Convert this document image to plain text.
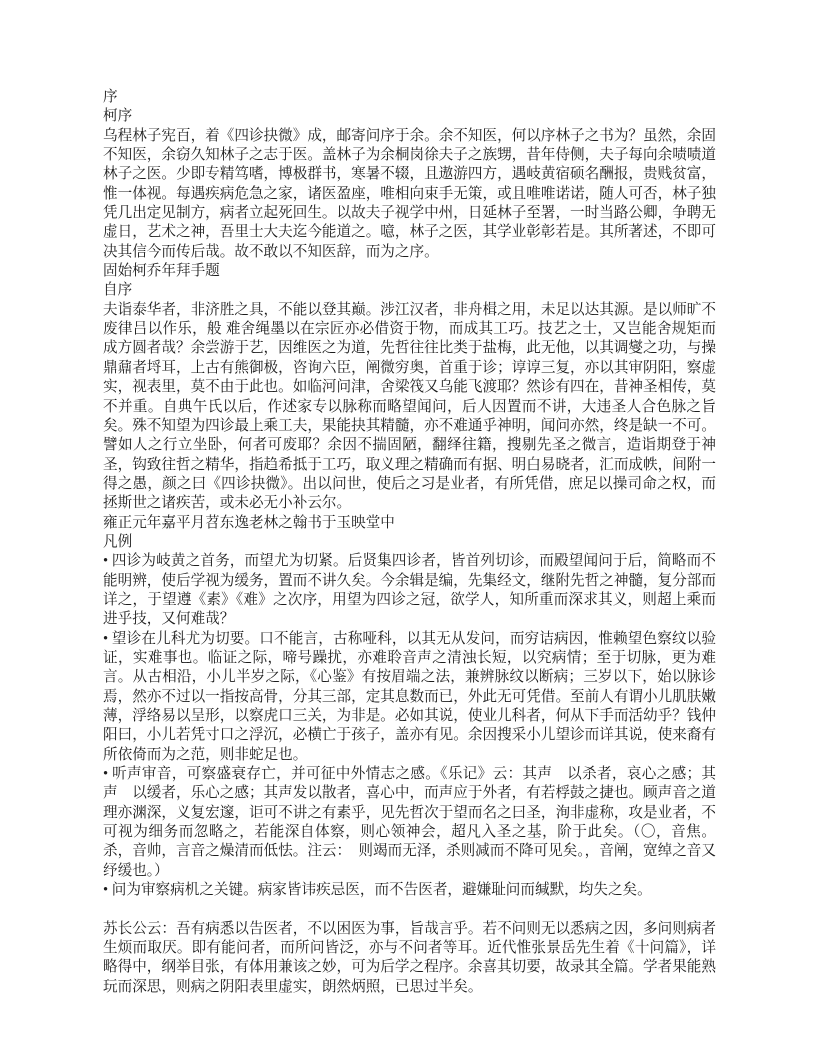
序

柯序

乌程林子宪百，着《四诊抉微》成，邮寄问序于余。余不知医，何以序林子之书为？虽然，余固不知医，余窃久知林子之志于医。盖林子为余桐岗徐夫子之族甥，昔年侍侧，夫子每向余啧啧道林子之医。少即专精笃嗜，博极群书，寒暑不辍，且遨游四方，遇岐黄宿硕名酬报，贵贱贫富，惟一体视。每遇疾病危急之家，诸医盈座，唯相向束手无策，或且唯唯诺诺，随人可否，林子独凭几出定见制方，病者立起死回生。以故夫子视学中州，日延林子至署，一时当路公卿，争聘无虚日，艺术之神，吾里士大夫迄今能道之。噫，林子之医，其学业彰彰若是。其所著述，不即可决其信今而传后哉。故不敢以不知医辞，而为之序。

固始柯乔年拜手题

自序

夫诣泰华者，非济胜之具，不能以登其巅。涉江汉者，非舟楫之用，未足以达其源。是以师旷不废律吕以作乐，般 难舍绳墨以在宗匠亦必借资于物，而成其工巧。技艺之士，又岂能舍规矩而成方圆者哉？余尝游于艺，因维医之为道，先哲往往比类于盐梅，此无他，以其调燮之功，与操鼎鼐者埒耳，上古有熊御极，咨询六臣，阐微穷奥，首重于诊；谆谆三复，亦以其审阴阳，察虚实，视表里，莫不由于此也。如临河问津，舍梁筏又乌能飞渡耶？然诊有四在，昔神圣相传，莫不并重。自典午氏以后，作述家专以脉称而略望闻问，后人因置而不讲，大违圣人合色脉之旨矣。殊不知望为四诊最上乘工夫，果能抉其精髓，亦不难通乎神明，闻问亦然，终是缺一不可。譬如人之行立坐卧，何者可废耶？余因不揣固陋，翻绎往籍，搜剔先圣之微言，造诣期登于神圣，钩致往哲之精华，指趋希抵于工巧，取义理之精确而有据、明白易晓者，汇而成帙，间附一得之愚，颜之曰《四诊抉微》。出以问世，使后之习是业者，有所凭借，庶足以操司命之权，而拯斯世之诸疾苦，或未必无小补云尔。

雍正元年嘉平月苕东逸老林之翰书于玉映堂中

凡例

• 四诊为岐黄之首务，而望尤为切紧。后贤集四诊者，皆首列切诊，而殿望闻问于后，简略而不能明辨，使后学视为缓务，置而不讲久矣。今余辑是编，先集经文，继附先哲之神髓，复分部而详之，于望遵《素》《难》之次序，用望为四诊之冠，欲学人，知所重而深求其义，则超上乘而进乎技，又何难哉？

• 望诊在儿科尤为切要。口不能言，古称哑科，以其无从发问，而穷诘病因，惟赖望色察纹以验证，实难事也。临证之际，啼号躁扰，亦难聆音声之清浊长短，以究病情；至于切脉，更为难言。从古相沿，小儿半岁之际，《心鉴》有按眉端之法，兼辨脉纹以断病；三岁以下，始以脉诊焉，然亦不过以一指按高骨，分其三部，定其息数而已，外此无可凭借。至前人有谓小儿肌肤嫩薄，浮络易以呈形，以察虎口三关，为非是。必如其说，使业儿科者，何从下手而活幼乎？钱仲阳曰，小儿若凭寸口之浮沉，必横亡于孩子，盖亦有见。余因搜采小儿望诊而详其说，使来裔有所依倚而为之范，则非蛇足也。

• 听声审音，可察盛衰存亡，并可征中外情志之感。《乐记》云：其声　以杀者，哀心之感；其声　以缓者，乐心之感；其声发以散者，喜心中，而声应于外者，有若桴鼓之捷也。顾声音之道理亦渊深，义复宏邃，讵可不讲之有素乎，见先哲次于望而名之曰圣，洵非虚称，攻是业者，不可视为细务而忽略之，若能深自体察，则心领神会，超凡入圣之基，阶于此矣。（〇，音焦。杀，音帅，言音之燥清而低怯。注云：　则竭而无泽，杀则减而不降可见矣。，音阐，宽绰之音又纾缓也。）

• 问为审察病机之关键。病家皆讳疾忌医，而不告医者，避嫌耻问而缄默，均失之矣。

苏长公云：吾有病悉以告医者，不以困医为事，旨哉言乎。若不问则无以悉病之因，多问则病者生烦而取厌。即有能问者，而所问皆泛，亦与不问者等耳。近代惟张景岳先生着《十问篇》，详略得中，纲举目张，有体用兼该之妙，可为后学之程序。余喜其切要，故录其全篇。学者果能熟玩而深思，则病之阴阳表里虚实，朗然炳照，已思过半矣。
